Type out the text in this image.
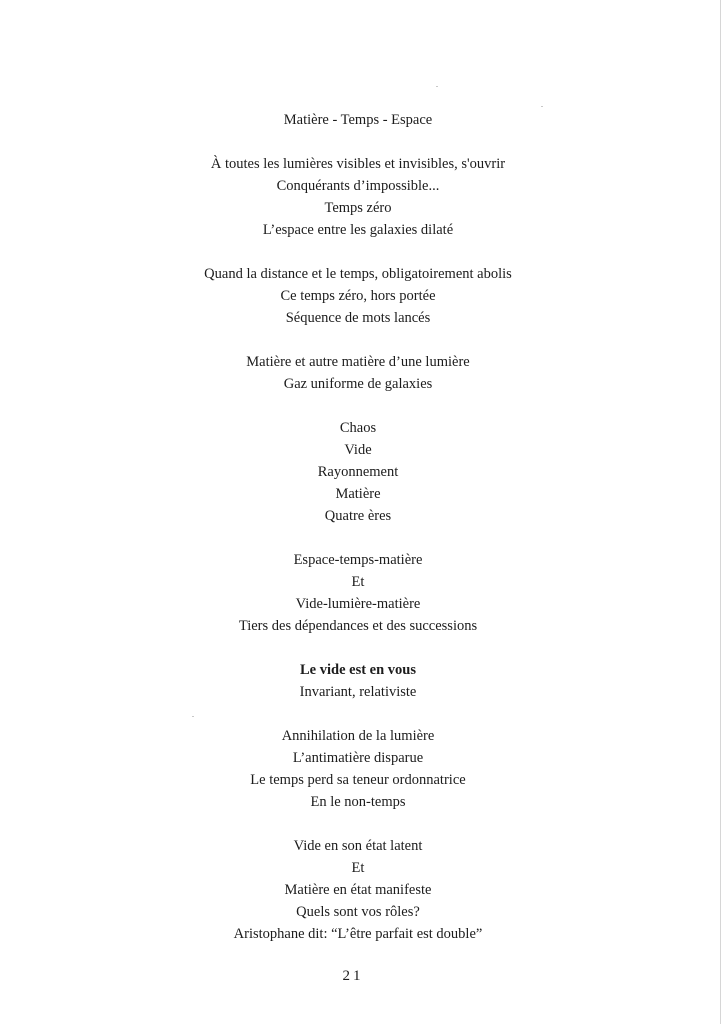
Matière - Temps - Espace
À toutes les lumières visibles et invisibles, s'ouvrir
Conquérants d’impossible...
Temps zéro
L’espace entre les galaxies dilaté
Quand la distance et le temps, obligatoirement abolis
Ce temps zéro, hors portée
Séquence de mots lancés
Matière et autre matière d’une lumière
Gaz uniforme de galaxies
Chaos
Vide
Rayonnement
Matière
Quatre ères
Espace-temps-matière
Et
Vide-lumière-matière
Tiers des dépendances et des successions
Le vide est en vous
Invariant, relativiste
Annihilation de la lumière
L’antimatière disparue
Le temps perd sa teneur ordonnatrice
En le non-temps
Vide en son état latent
Et
Matière en état manifeste
Quels sont vos rôles?
Aristophane dit: “L’être parfait est double”
21
